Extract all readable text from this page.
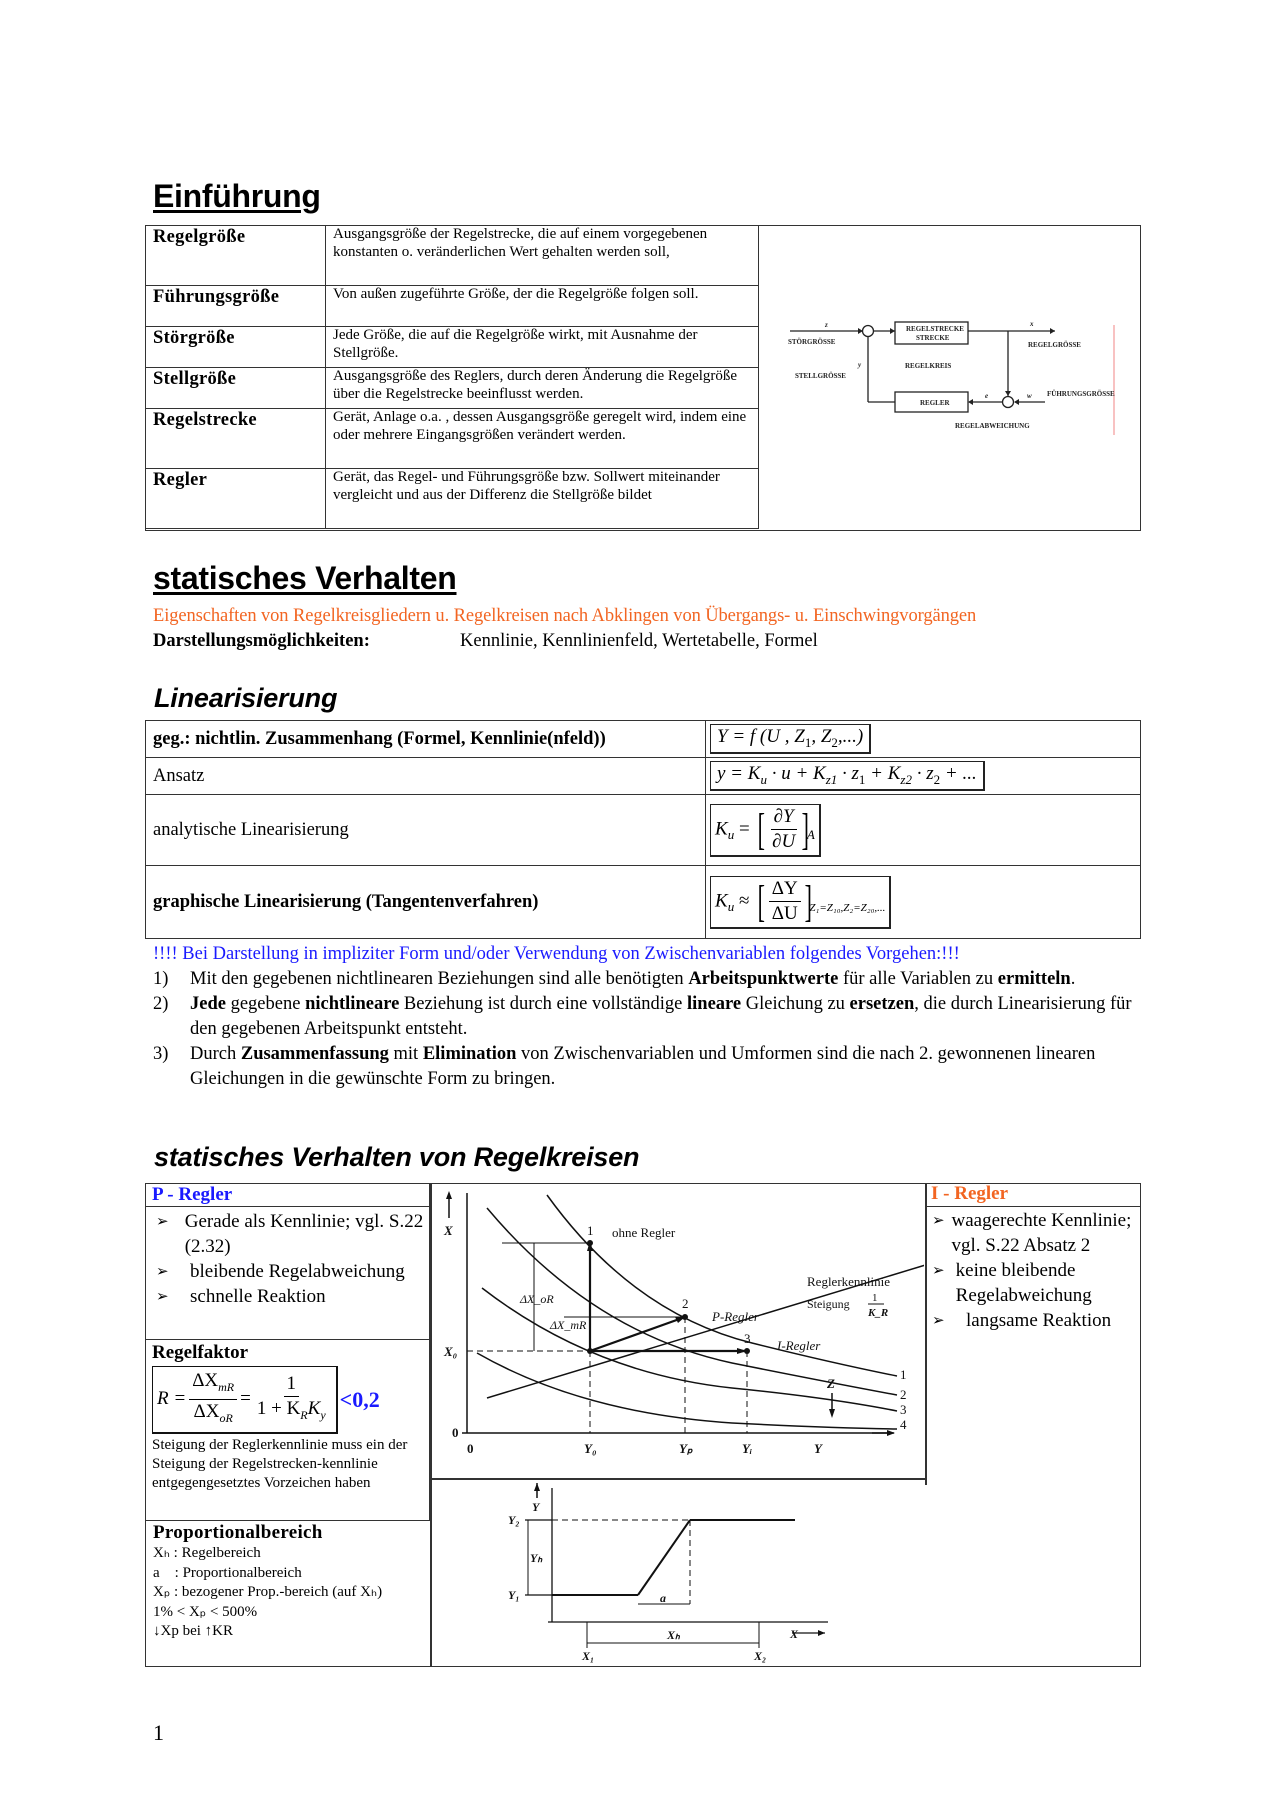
Einführung
Regelgröße	Ausgangsgröße der Regelstrecke, die auf einem vorgegebenen konstanten o. veränderlichen Wert gehalten werden soll,
Führungsgröße	Von außen zugeführte Größe, der die Regelgröße folgen soll.
Störgröße	Jede Größe, die auf die Regelgröße wirkt, mit Ausnahme der Stellgröße.
Stellgröße	Ausgangsgröße des Reglers, durch deren Änderung die Regelgröße über die Regelstrecke beeinflusst werden.
Regelstrecke	Gerät, Anlage o.a. , dessen Ausgangsgröße geregelt wird, indem eine oder mehrere Eingangsgrößen verändert werden.
Regler	Gerät, das Regel- und Führungsgröße bzw. Sollwert miteinander vergleicht und aus der Differenz die Stellgröße bildet
z
STÖRGRÖSSE
REGELSTRECKE
STRECKE
x
REGELGRÖSSE
y	REGELKREIS
STELLGRÖSSE
REGLER
e	w FÜHRUNGSGRÖSSE
REGELABWEICHUNG
statisches Verhalten
Eigenschaften von Regelkreisgliedern u. Regelkreisen nach Abklingen von Übergangs- u. Einschwingvorgängen
Darstellungsmöglichkeiten:	Kennlinie, Kennlinienfeld, Wertetabelle, Formel
Linearisierung
geg.: nichtlin. Zusammenhang (Formel, Kennlinie(nfeld))	Y = f (U , $Z_1$, $Z_2$,...)
Ansatz	$y = K_u \cdot u + K_{z1} \cdot z_1 + K_{z2} \cdot z_2$ + ...
analytische Linearisierung	$K_u$ = [ $\frac{\partial Y}{\partial U} ]_A$
graphische Linearisierung (Tangentenverfahren)	$K_u$ ≈ [ $\frac{\Delta Y}{\Delta U} ]_{Z_1=Z_{10},Z_2=Z_{20},...}$
!!!! Bei Darstellung in impliziter Form und/oder Verwendung von Zwischenvariablen folgendes Vorgehen:!!!
1)	Mit den gegebenen nichtlinearen Beziehungen sind alle benötigten Arbeitspunktwerte für alle Variablen zu ermitteln.
2)	Jede gegebene nichtlineare Beziehung ist durch eine vollständige lineare Gleichung zu ersetzen, die durch Linearisierung für den gegebenen Arbeitspunkt entsteht.
3)	Durch Zusammenfassung mit Elimination von Zwischenvariablen und Umformen sind die nach 2. gewonnenen linearen Gleichungen in die gewünschte Form zu bringen.
statisches Verhalten von Regelkreisen
P - Regler
➢ Gerade als Kennlinie; vgl. S.22 (2.32)
➢	bleibende Regelabweichung
➢	schnelle Reaktion
Regelfaktor
$R = \frac{\Delta X_{mR}}{\Delta X_{oR}} = \frac{1}{1 + K_RK_y} <0,2$
Steigung der Reglerkennlinie muss ein der Steigung der Regelstrecken-kennlinie entgegengesetztes Vorzeichen haben
Proportionalbereich
Xₕ : Regelbereich
a    : Proportionalbereich
Xₚ : bezogener Prop.-bereich (auf Xₕ)
1% < Xₚ < 500%
↓Xp bei ↑KR
I - Regler
➢ waagerechte Kennlinie; vgl. S.22 Absatz 2
➢ keine bleibende Regelabweichung
➢	langsame Reaktion
X
X₀
0
0	Y₀	Yₚ	Yᵢ	Y
1
2
3
ohne Regler
P-Regler
I-Regler
Reglerkennlinie
Steigung 1
K_R
ΔX_oR
ΔX_mR
1
2
3
4
Z
Y
Y₂
Yₕ
Y₁	a
Xₕ
X₁	X₂
X
1
